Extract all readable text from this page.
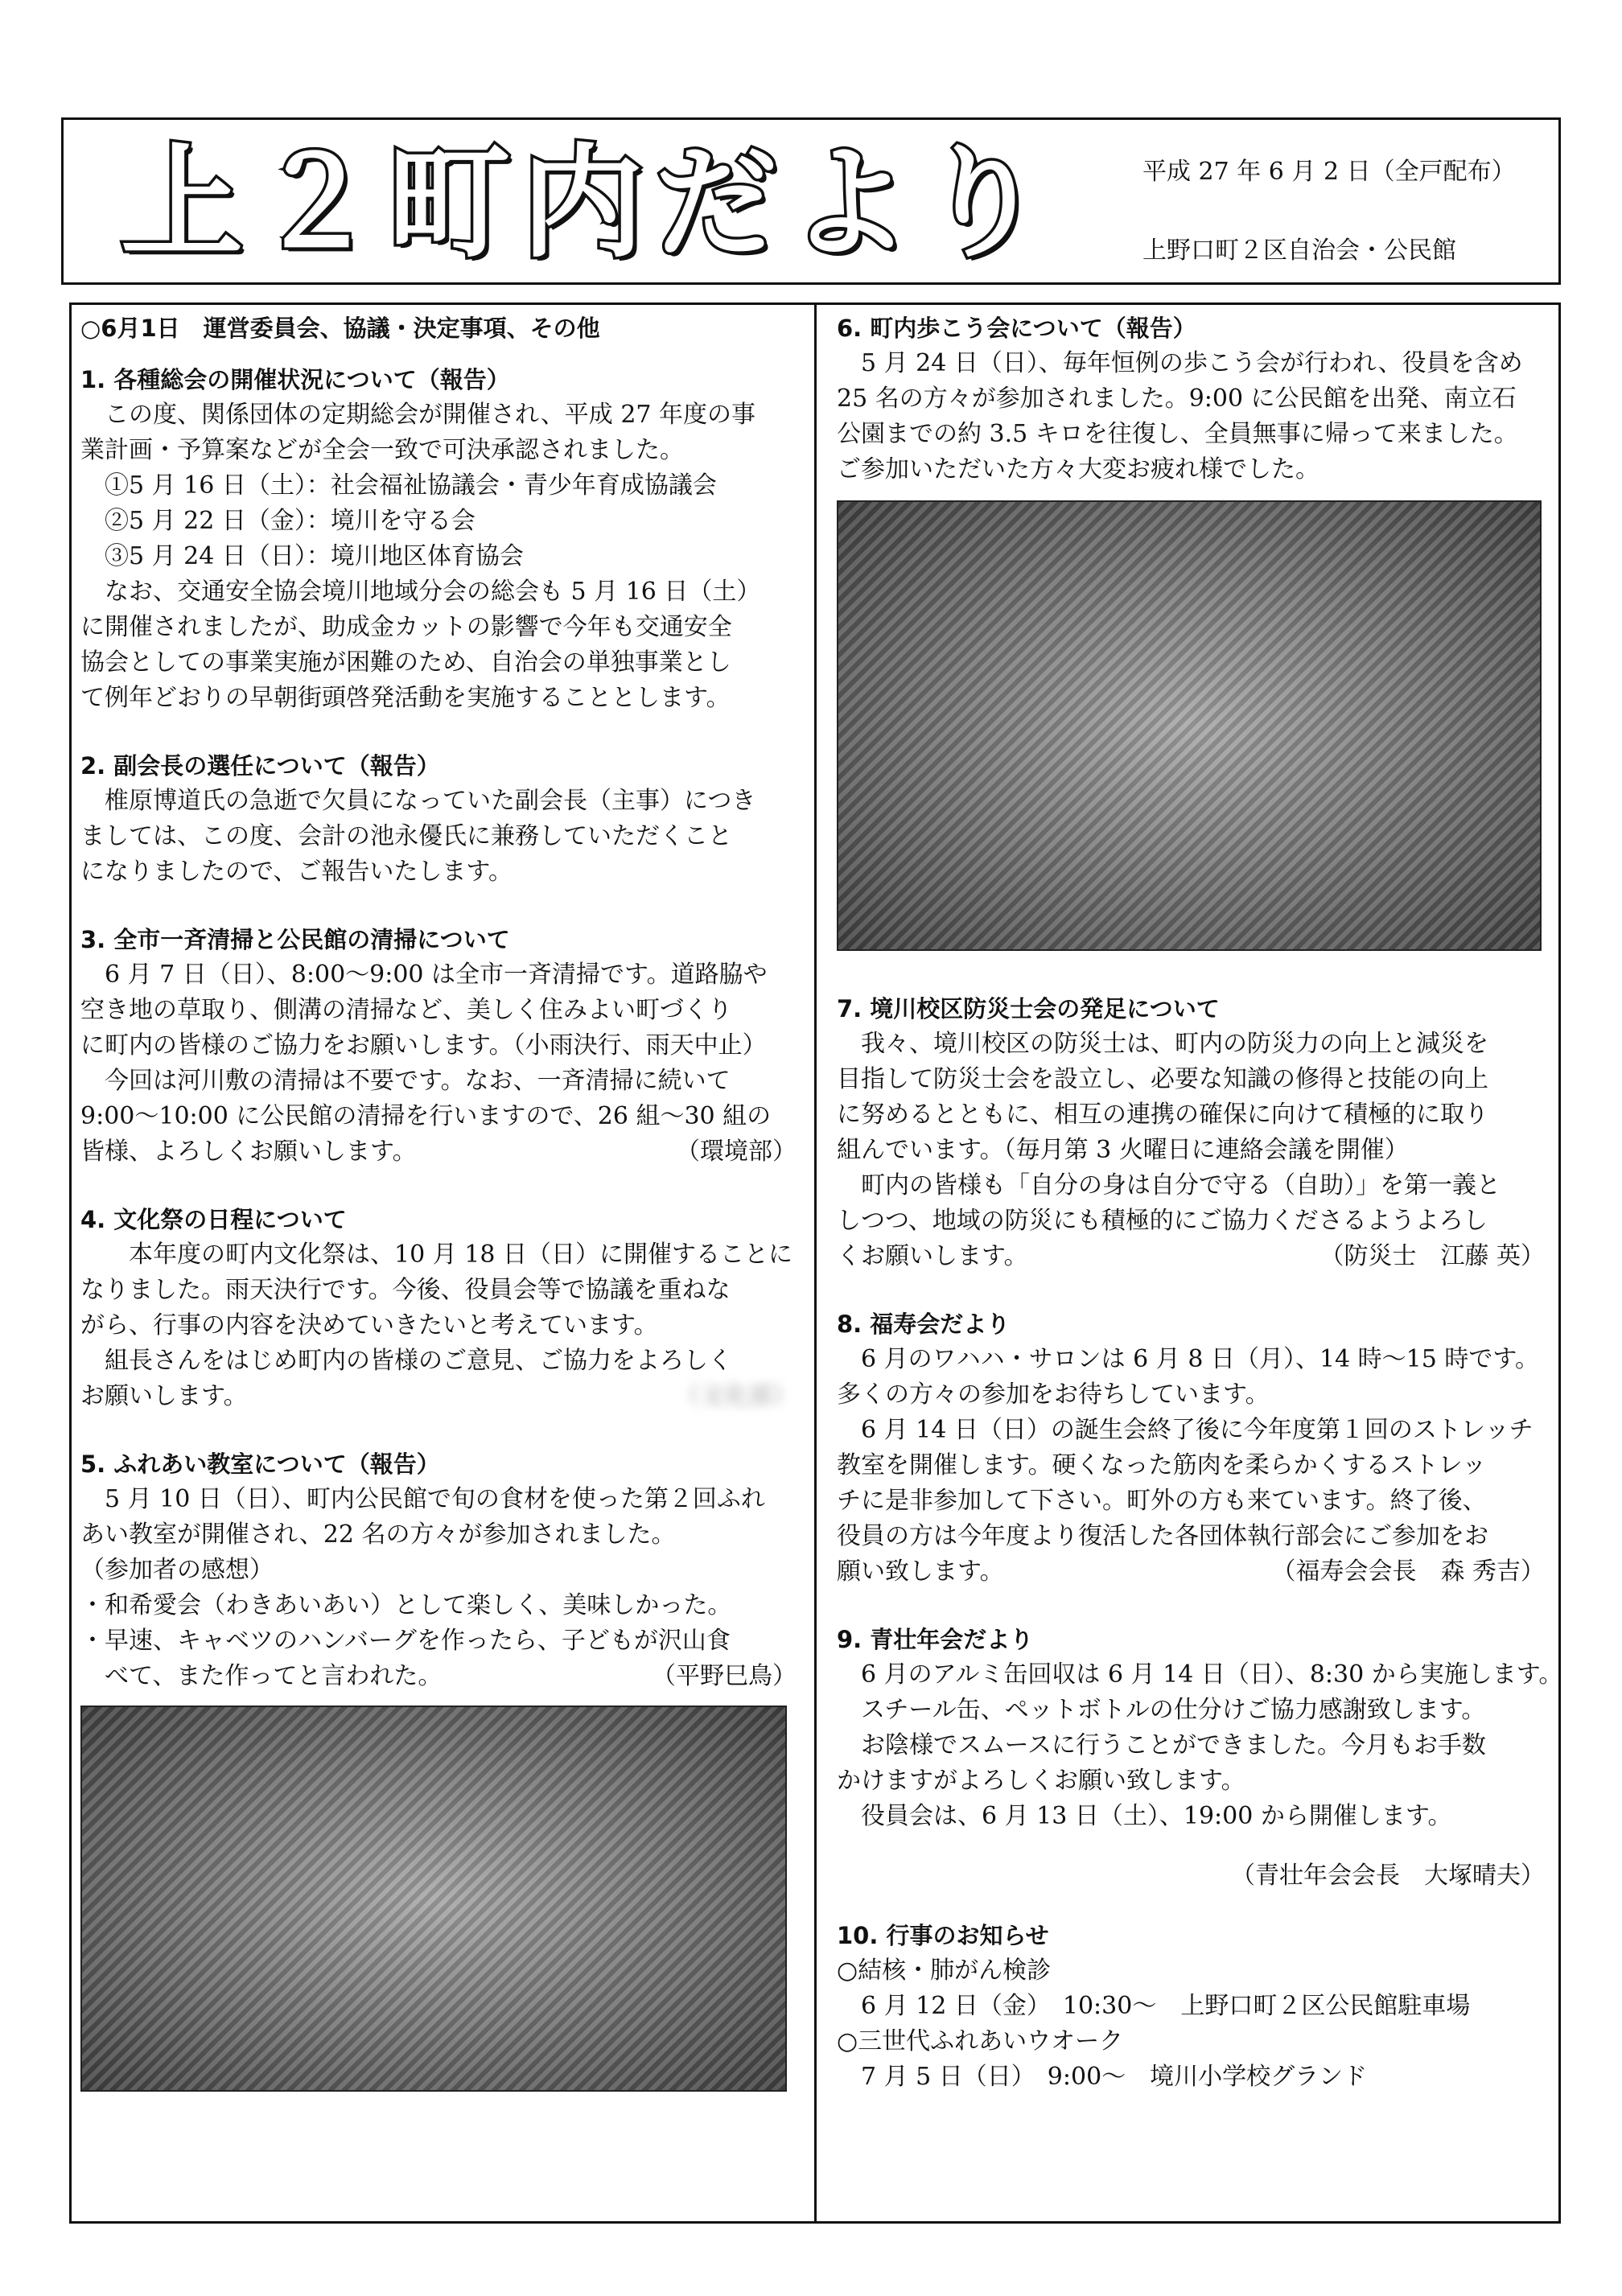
上２町内だより	平成 27 年 6 月 2 日（全戸配布）
上野口町２区自治会・公民館
○6月1日　運営委員会、協議・決定事項、その他
1. 各種総会の開催状況について（報告）

この度、関係団体の定期総会が開催され、平成 27 年度の事

業計画・予算案などが全会一致で可決承認されました。

①5 月 16 日（土）：社会福祉協議会・青少年育成協議会

②5 月 22 日（金）：境川を守る会

③5 月 24 日（日）：境川地区体育協会

なお、交通安全協会境川地域分会の総会も 5 月 16 日（土）

に開催されましたが、助成金カットの影響で今年も交通安全

協会としての事業実施が困難のため、自治会の単独事業とし

て例年どおりの早朝街頭啓発活動を実施することとします。

2. 副会長の選任について（報告）

椎原博道氏の急逝で欠員になっていた副会長（主事）につき

ましては、この度、会計の池永優氏に兼務していただくこと

になりましたので、ご報告いたします。

3. 全市一斉清掃と公民館の清掃について

6 月 7 日（日）、8:00～9:00 は全市一斉清掃です。道路脇や

空き地の草取り、側溝の清掃など、美しく住みよい町づくり

に町内の皆様のご協力をお願いします。（小雨決行、雨天中止）

今回は河川敷の清掃は不要です。なお、一斉清掃に続いて

9:00～10:00 に公民館の清掃を行いますので、26 組～30 組の

皆様、よろしくお願いします。	（環境部）

4. 文化祭の日程について

本年度の町内文化祭は、10 月 18 日（日）に開催することに

なりました。雨天決行です。今後、役員会等で協議を重ねな

がら、行事の内容を決めていきたいと考えています。

組長さんをはじめ町内の皆様のご意見、ご協力をよろしく

お願いします。	（文化部）

5. ふれあい教室について（報告）

5 月 10 日（日）、町内公民館で旬の食材を使った第２回ふれ

あい教室が開催され、22 名の方々が参加されました。

（参加者の感想）

・和希愛会（わきあいあい）として楽しく、美味しかった。

・早速、キャベツのハンバーグを作ったら、子どもが沢山食

べて、また作ってと言われた。	（平野巳鳥）

6. 町内歩こう会について（報告）

5 月 24 日（日）、毎年恒例の歩こう会が行われ、役員を含め

25 名の方々が参加されました。9:00 に公民館を出発、南立石

公園までの約 3.5 キロを往復し、全員無事に帰って来ました。

ご参加いただいた方々大変お疲れ様でした。

7. 境川校区防災士会の発足について

我々、境川校区の防災士は、町内の防災力の向上と減災を

目指して防災士会を設立し、必要な知識の修得と技能の向上

に努めるとともに、相互の連携の確保に向けて積極的に取り

組んでいます。（毎月第 3 火曜日に連絡会議を開催）

町内の皆様も「自分の身は自分で守る（自助）」を第一義と

しつつ、地域の防災にも積極的にご協力くださるようよろし

くお願いします。	（防災士　江藤 英）

8. 福寿会だより

6 月のワハハ・サロンは 6 月 8 日（月）、14 時～15 時です。

多くの方々の参加をお待ちしています。

6 月 14 日（日）の誕生会終了後に今年度第１回のストレッチ

教室を開催します。硬くなった筋肉を柔らかくするストレッ

チに是非参加して下さい。町外の方も来ています。終了後、

役員の方は今年度より復活した各団体執行部会にご参加をお

願い致します。	（福寿会会長　森 秀吉）

9. 青壮年会だより

6 月のアルミ缶回収は 6 月 14 日（日）、8:30 から実施します。

スチール缶、ペットボトルの仕分けご協力感謝致します。

お陰様でスムースに行うことができました。今月もお手数

かけますがよろしくお願い致します。

役員会は、6 月 13 日（土）、19:00 から開催します。

（青壮年会会長　大塚晴夫）

10. 行事のお知らせ

○結核・肺がん検診

6 月 12 日（金）　10:30～　上野口町２区公民館駐車場

○三世代ふれあいウオーク

7 月 5 日（日）　9:00～　境川小学校グランド
